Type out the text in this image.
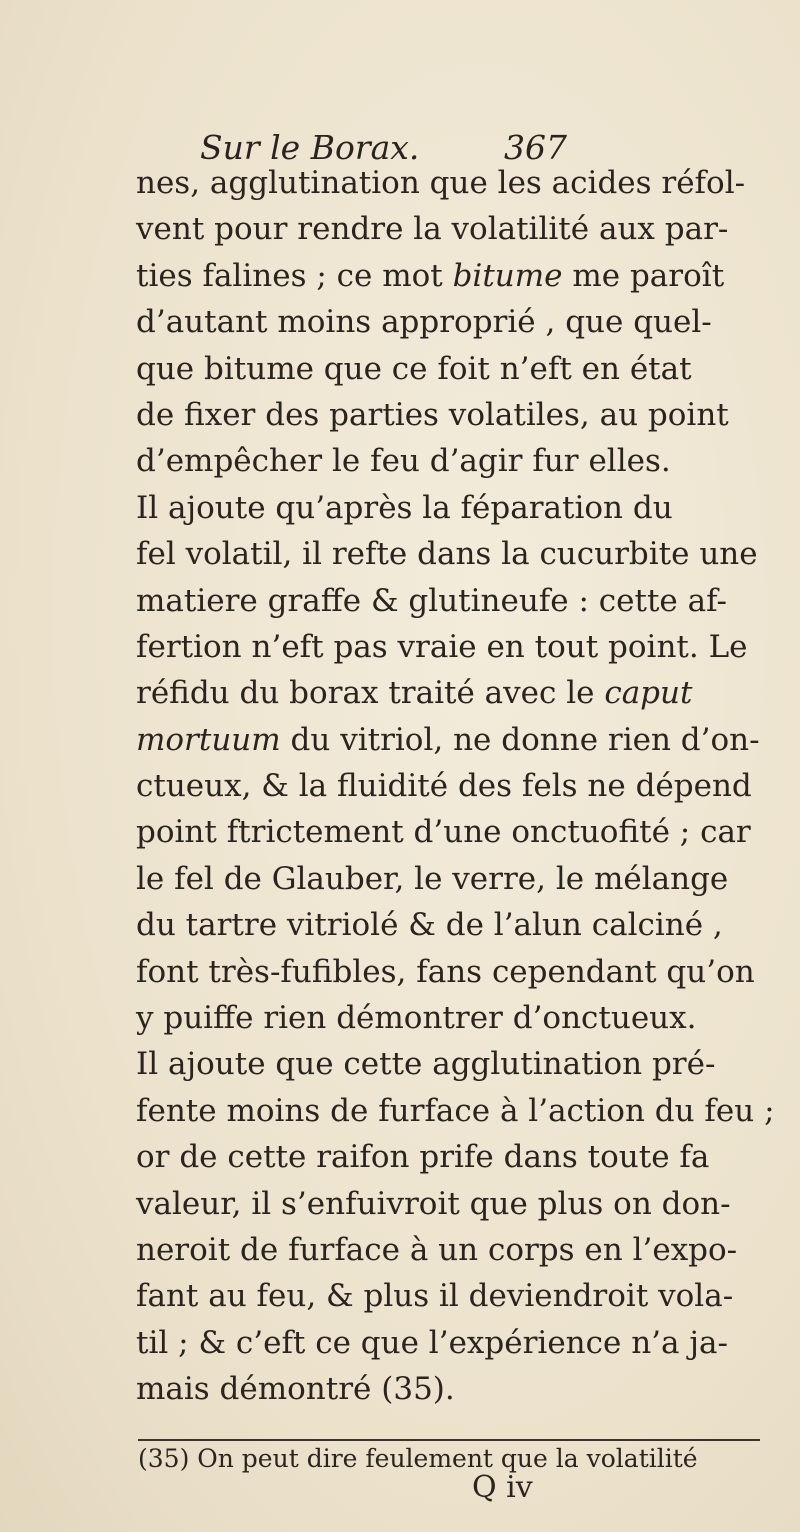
Sur le Borax.	367
nes, agglutination que les acides réfol-
vent pour rendre la volatilité aux par-
ties falines ; ce mot bitume me paroît
d’autant moins approprié , que quel-
que bitume que ce foit n’eft en état
de fixer des parties volatiles, au point
d’empêcher le feu d’agir fur elles.
Il ajoute qu’après la féparation du
fel volatil, il refte dans la cucurbite une
matiere graffe & glutineufe : cette af-
fertion n’eft pas vraie en tout point. Le
réfidu du borax traité avec le caput
mortuum du vitriol, ne donne rien d’on-
ctueux, & la fluidité des fels ne dépend
point ftrictement d’une onctuofité ; car
le fel de Glauber, le verre, le mélange
du tartre vitriolé & de l’alun calciné ,
font très-fufibles, fans cependant qu’on
y puiffe rien démontrer d’onctueux.
Il ajoute que cette agglutination pré-
fente moins de furface à l’action du feu ;
or de cette raifon prife dans toute fa
valeur, il s’enfuivroit que plus on don-
neroit de furface à un corps en l’expo-
fant au feu, & plus il deviendroit vola-
til ; & c’eft ce que l’expérience n’a ja-
mais démontré (35).
(35) On peut dire feulement que la volatilité
Q iv
